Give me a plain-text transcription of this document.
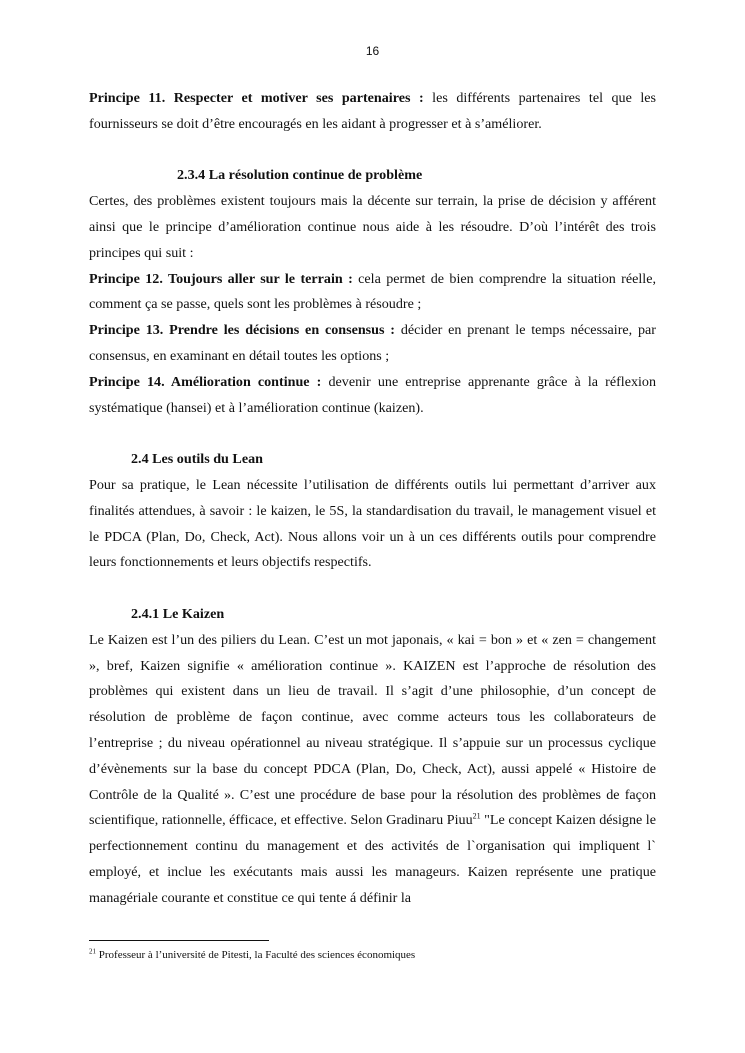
16

Principe 11. Respecter et motiver ses partenaires : les différents partenaires tel que les fournisseurs se doit d’être encouragés en les aidant à progresser et à s’améliorer.

2.3.4 La résolution continue de problème

Certes, des problèmes existent toujours mais la décente sur terrain, la prise de décision y afférent ainsi que le principe d’amélioration continue nous aide à les résoudre. D’où l’intérêt des trois principes qui suit :

Principe 12. Toujours aller sur le terrain : cela permet de bien comprendre la situation réelle, comment ça se passe, quels sont les problèmes à résoudre ;

Principe 13. Prendre les décisions en consensus : décider en prenant le temps nécessaire, par consensus, en examinant en détail toutes les options ;

Principe 14. Amélioration continue : devenir une entreprise apprenante grâce à la réflexion systématique (hansei) et à l’amélioration continue (kaizen).

2.4 Les outils du Lean

Pour sa pratique, le Lean nécessite l’utilisation de différents outils lui permettant d’arriver aux finalités attendues, à savoir : le kaizen, le 5S, la standardisation du travail, le management visuel et le PDCA (Plan, Do, Check, Act). Nous allons voir un à un ces différents outils pour comprendre leurs fonctionnements et leurs objectifs respectifs.

2.4.1 Le Kaizen

Le Kaizen est l’un des piliers du Lean. C’est un mot japonais, « kai = bon » et « zen = changement », bref, Kaizen signifie « amélioration continue ». KAIZEN est l’approche de résolution des problèmes qui existent dans un lieu de travail. Il s’agit d’une philosophie, d’un concept de résolution de problème de façon continue, avec comme acteurs tous les collaborateurs de l’entreprise ; du niveau opérationnel au niveau stratégique. Il s’appuie sur un processus cyclique d’évènements sur la base du concept PDCA (Plan, Do, Check, Act), aussi appelé « Histoire de Contrôle de la Qualité ». C’est une procédure de base pour la résolution des problèmes de façon scientifique, rationnelle, éfficace, et effective. Selon Gradinaru Piuu$^{21}$ "Le concept Kaizen désigne le perfectionnement continu du management et des activités de l`organisation qui impliquent l` employé, et inclue les exécutants mais aussi les manageurs. Kaizen représente une pratique managériale courante et constitue ce qui tente á définir la

$^{21}$ Professeur à l’université de Pitesti, la Faculté des sciences économiques
